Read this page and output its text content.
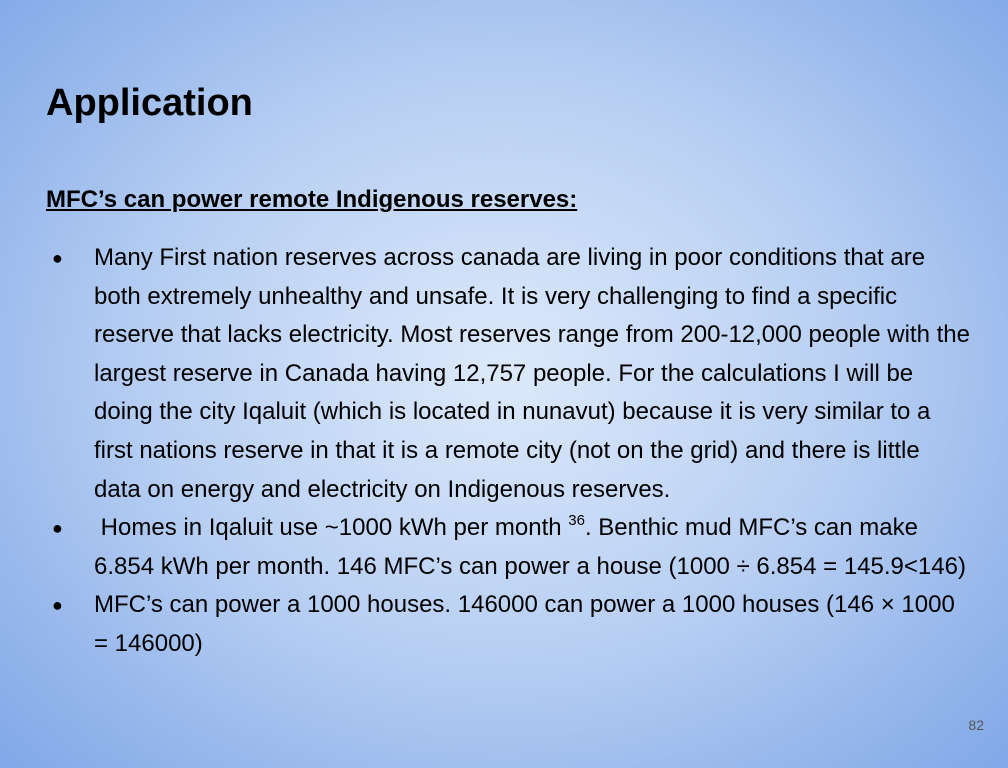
Application
MFC’s can power remote Indigenous reserves:
● Many First nation reserves across canada are living in poor conditions that are both extremely unhealthy and unsafe. It is very challenging to find a specific reserve that lacks electricity. Most reserves range from 200-12,000 people with the largest reserve in Canada having 12,757 people. For the calculations I will be doing the city Iqaluit (which is located in nunavut) because it is very similar to a first nations reserve in that it is a remote city (not on the grid) and there is little data on energy and electricity on Indigenous reserves.
● Homes in Iqaluit use ~1000 kWh per month $^{36}$. Benthic mud MFC’s can make 6.854 kWh per month. 146 MFC’s can power a house (1000 ÷ 6.854 = 145.9<146)
● MFC’s can power a 1000 houses. 146000 can power a 1000 houses (146 × 1000 = 146000)
82
